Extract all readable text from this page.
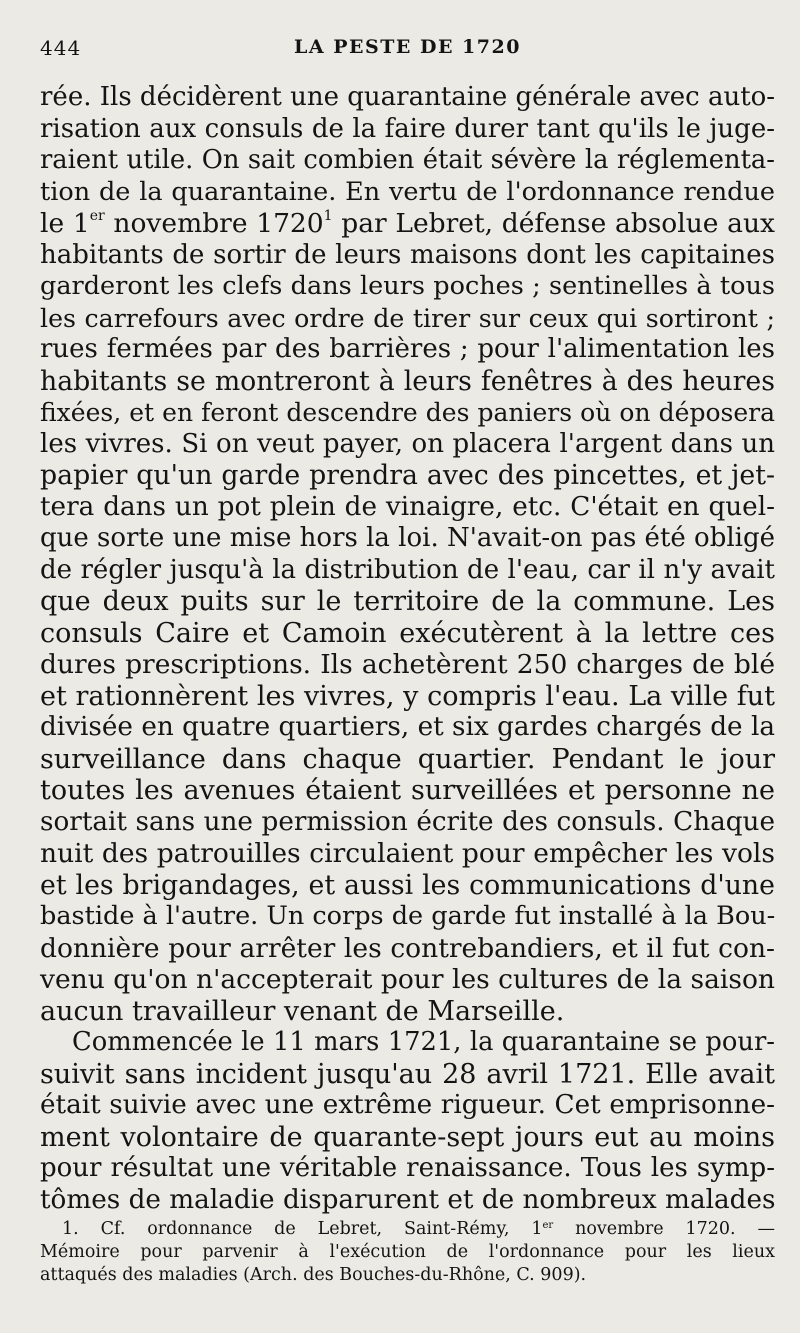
444	LA PESTE DE 1720
rée. Ils décidèrent une quarantaine générale avec auto-
risation aux consuls de la faire durer tant qu'ils le juge-
raient utile. On sait combien était sévère la réglementa-
tion de la quarantaine. En vertu de l'ordonnance rendue
le 1er novembre 1720$^1$ par Lebret, défense absolue aux
habitants de sortir de leurs maisons dont les capitaines
garderont les clefs dans leurs poches ; sentinelles à tous
les carrefours avec ordre de tirer sur ceux qui sortiront ;
rues fermées par des barrières ; pour l'alimentation les
habitants se montreront à leurs fenêtres à des heures
fixées, et en feront descendre des paniers où on déposera
les vivres. Si on veut payer, on placera l'argent dans un
papier qu'un garde prendra avec des pincettes, et jet-
tera dans un pot plein de vinaigre, etc. C'était en quel-
que sorte une mise hors la loi. N'avait-on pas été obligé
de régler jusqu'à la distribution de l'eau, car il n'y avait
que deux puits sur le territoire de la commune. Les
consuls Caire et Camoin exécutèrent à la lettre ces
dures prescriptions. Ils achetèrent 250 charges de blé
et rationnèrent les vivres, y compris l'eau. La ville fut
divisée en quatre quartiers, et six gardes chargés de la
surveillance dans chaque quartier. Pendant le jour
toutes les avenues étaient surveillées et personne ne
sortait sans une permission écrite des consuls. Chaque
nuit des patrouilles circulaient pour empêcher les vols
et les brigandages, et aussi les communications d'une
bastide à l'autre. Un corps de garde fut installé à la Bou-
donnière pour arrêter les contrebandiers, et il fut con-
venu qu'on n'accepterait pour les cultures de la saison
aucun travailleur venant de Marseille.
Commencée le 11 mars 1721, la quarantaine se pour-
suivit sans incident jusqu'au 28 avril 1721. Elle avait
était suivie avec une extrême rigueur. Cet emprisonne-
ment volontaire de quarante-sept jours eut au moins
pour résultat une véritable renaissance. Tous les symp-
tômes de maladie disparurent et de nombreux malades
1. Cf. ordonnance de Lebret, Saint-Rémy, 1er novembre 1720. —
Mémoire pour parvenir à l'exécution de l'ordonnance pour les lieux
attaqués des maladies (Arch. des Bouches-du-Rhône, C. 909).
